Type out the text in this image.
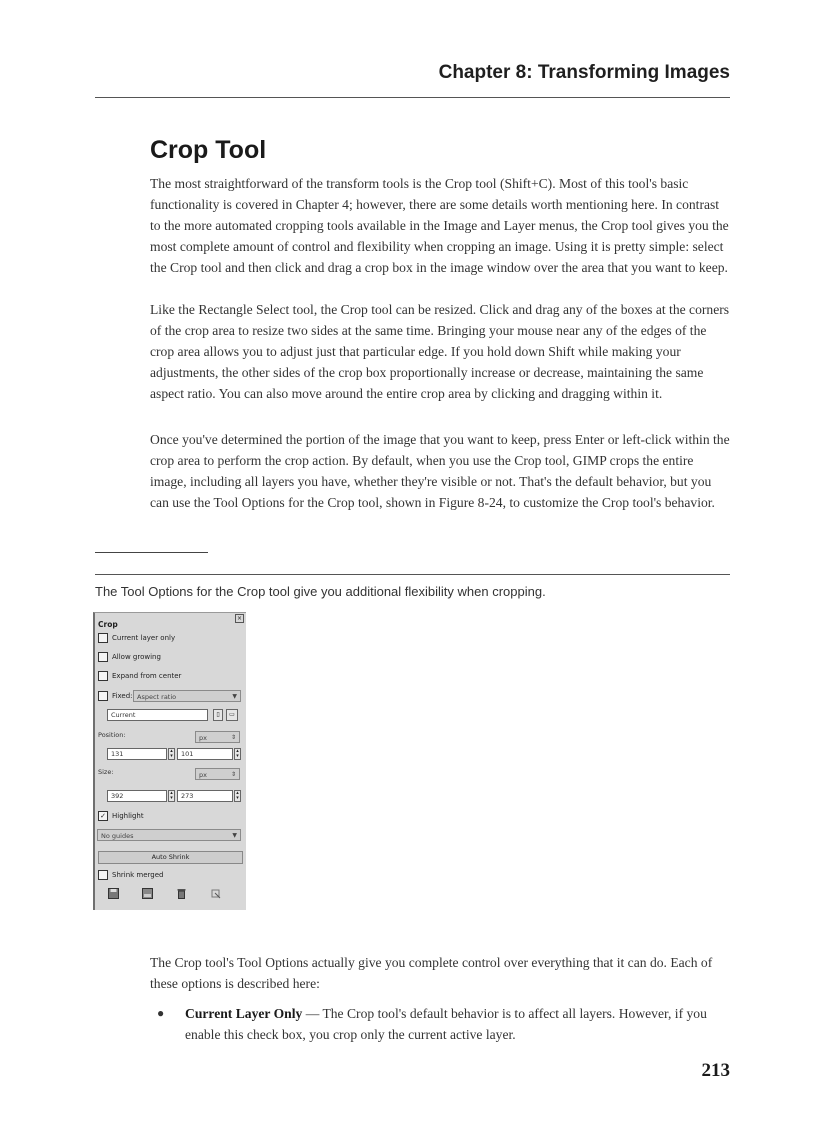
Chapter 8: Transforming Images
Crop Tool

The most straightforward of the transform tools is the Crop tool (Shift+C). Most of this tool's basic functionality is covered in Chapter 4; however, there are some details worth mentioning here. In contrast to the more automated cropping tools available in the Image and Layer menus, the Crop tool gives you the most complete amount of control and flexibility when cropping an image. Using it is pretty simple: select the Crop tool and then click and drag a crop box in the image window over the area that you want to keep.

Like the Rectangle Select tool, the Crop tool can be resized. Click and drag any of the boxes at the corners of the crop area to resize two sides at the same time. Bringing your mouse near any of the edges of the crop area allows you to adjust just that particular edge. If you hold down Shift while making your adjustments, the other sides of the crop box proportionally increase or decrease, maintaining the same aspect ratio. You can also move around the entire crop area by clicking and dragging within it.

Once you've determined the portion of the image that you want to keep, press Enter or left-click within the crop area to perform the crop action. By default, when you use the Crop tool, GIMP crops the entire image, including all layers you have, whether they're visible or not. That's the default behavior, but you can use the Tool Options for the Crop tool, shown in Figure 8-24, to customize the Crop tool's behavior.

The Tool Options for the Crop tool give you additional flexibility when cropping.
Crop
×
Current layer only
Allow growing
Expand from center
Fixed: Aspect ratio	▼
Current	▯	▭
Position:	px	⇕
131	▴
▾	101	▴
▾
Size:	px	⇕
392	▴
▾	273	▴
▾
✓ Highlight
No guides	▼
Auto Shrink
Shrink merged

The Crop tool's Tool Options actually give you complete control over everything that it can do. Each of these options is described here:

● Current Layer Only — The Crop tool's default behavior is to affect all layers. However, if you enable this check box, you crop only the current active layer.
213
